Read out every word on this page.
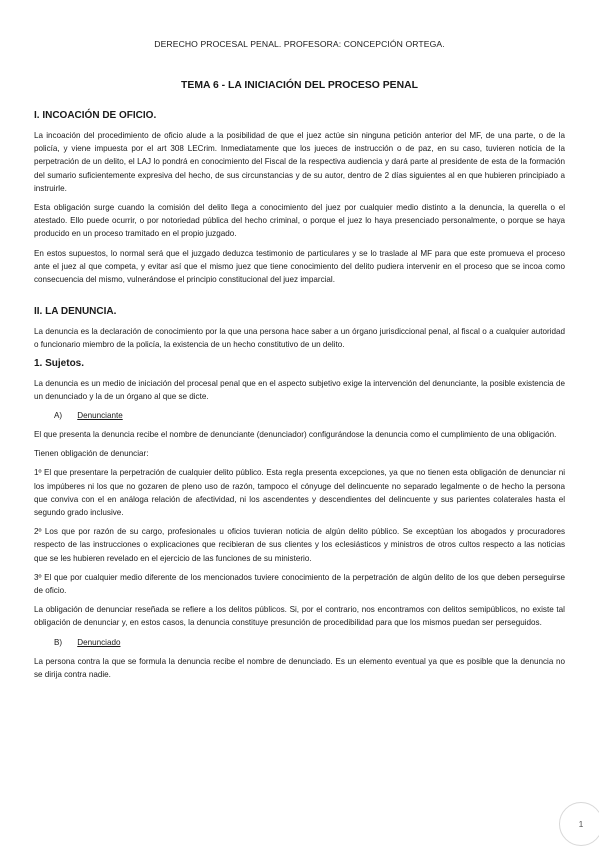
DERECHO PROCESAL PENAL. PROFESORA: CONCEPCIÓN ORTEGA.
TEMA 6 - LA INICIACIÓN DEL PROCESO PENAL
I. INCOACIÓN DE OFICIO.

La incoación del procedimiento de oficio alude a la posibilidad de que el juez actúe sin ninguna petición anterior del MF, de una parte, o de la policía, y viene impuesta por el art 308 LECrim. Inmediatamente que los jueces de instrucción o de paz, en su caso, tuvieren noticia de la perpetración de un delito, el LAJ lo pondrá en conocimiento del Fiscal de la respectiva audiencia y dará parte al presidente de esta de la formación del sumario suficientemente expresiva del hecho, de sus circunstancias y de su autor, dentro de 2 días siguientes al en que hubieren principiado a instruirle.

Esta obligación surge cuando la comisión del delito llega a conocimiento del juez por cualquier medio distinto a la denuncia, la querella o el atestado. Ello puede ocurrir, o por notoriedad pública del hecho criminal, o porque el juez lo haya presenciado personalmente, o porque se haya producido en un proceso tramitado en el propio juzgado.

En estos supuestos, lo normal será que el juzgado deduzca testimonio de particulares y se lo traslade al MF para que este promueva el proceso ante el juez al que competa, y evitar así que el mismo juez que tiene conocimiento del delito pudiera intervenir en el proceso que se incoa como consecuencia del mismo, vulnerándose el principio constitucional del juez imparcial.

II. LA DENUNCIA.

La denuncia es la declaración de conocimiento por la que una persona hace saber a un órgano jurisdiccional penal, al fiscal o a cualquier autoridad o funcionario miembro de la policía, la existencia de un hecho constitutivo de un delito.

1. Sujetos.

La denuncia es un medio de iniciación del procesal penal que en el aspecto subjetivo exige la intervención del denunciante, la posible existencia de un denunciado y la de un órgano al que se dicte.

A) Denunciante

El que presenta la denuncia recibe el nombre de denunciante (denunciador) configurándose la denuncia como el cumplimiento de una obligación.

Tienen obligación de denunciar:

1º El que presentare la perpetración de cualquier delito público. Esta regla presenta excepciones, ya que no tienen esta obligación de denunciar ni los impúberes ni los que no gozaren de pleno uso de razón, tampoco el cónyuge del delincuente no separado legalmente o de hecho la persona que conviva con el en análoga relación de afectividad, ni los ascendentes y descendientes del delincuente y sus parientes colaterales hasta el segundo grado inclusive.

2º Los que por razón de su cargo, profesionales u oficios tuvieran noticia de algún delito público. Se exceptúan los abogados y procuradores respecto de las instrucciones o explicaciones que recibieran de sus clientes y los eclesiásticos y ministros de otros cultos respecto a las noticias que se les hubieren revelado en el ejercicio de las funciones de su ministerio.

3º El que por cualquier medio diferente de los mencionados tuviere conocimiento de la perpetración de algún delito de los que deben perseguirse de oficio.

La obligación de denunciar reseñada se refiere a los delitos públicos. Si, por el contrario, nos encontramos con delitos semipúblicos, no existe tal obligación de denunciar y, en estos casos, la denuncia constituye presunción de procedibilidad para que los mismos puedan ser perseguidos.

B) Denunciado

La persona contra la que se formula la denuncia recibe el nombre de denunciado. Es un elemento eventual ya que es posible que la denuncia no se dirija contra nadie.

1
